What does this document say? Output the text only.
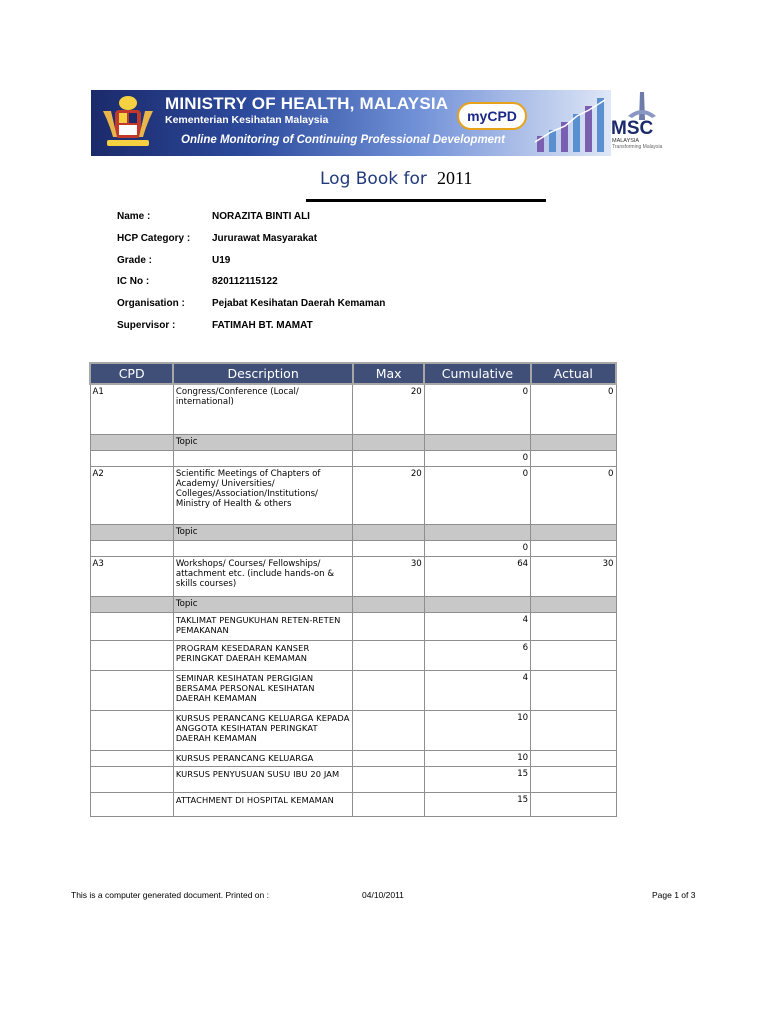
MINISTRY OF HEALTH, MALAYSIA
Kementerian Kesihatan Malaysia
Online Monitoring of Continuing Professional Development
myCPD
MSC
MALAYSIA
Transforming Malaysia
Log Book for 2011
Name :	NORAZITA BINTI ALI
HCP Category : Jururawat Masyarakat
Grade :	U19
IC No :	820112115122
Organisation :	Pejabat Kesihatan Daerah Kemaman
Supervisor :	FATIMAH BT. MAMAT
CPD	Description	Max	Cumulative	Actual
A1	Congress/Conference (Local/ international)	20	0	0
	Topic			
			0	
A2	Scientific Meetings of Chapters of Academy/ Universities/ Colleges/Association/Institutions/ Ministry of Health & others	20	0	0
	Topic			
			0	
A3	Workshops/ Courses/ Fellowships/ attachment etc. (include hands-on & skills courses)	30	64	30
	Topic			
	TAKLIMAT PENGUKUHAN RETEN-RETEN PEMAKANAN		4	
	PROGRAM KESEDARAN KANSER PERINGKAT DAERAH KEMAMAN		6	
	SEMINAR KESIHATAN PERGIGIAN BERSAMA PERSONAL KESIHATAN DAERAH KEMAMAN		4	
	KURSUS PERANCANG KELUARGA KEPADA ANGGOTA KESIHATAN PERINGKAT DAERAH KEMAMAN		10	
	KURSUS PERANCANG KELUARGA		10	
	KURSUS PENYUSUAN SUSU IBU 20 JAM		15	
	ATTACHMENT DI HOSPITAL KEMAMAN		15	
This is a computer generated document. Printed on :	04/10/2011	Page 1 of 3
